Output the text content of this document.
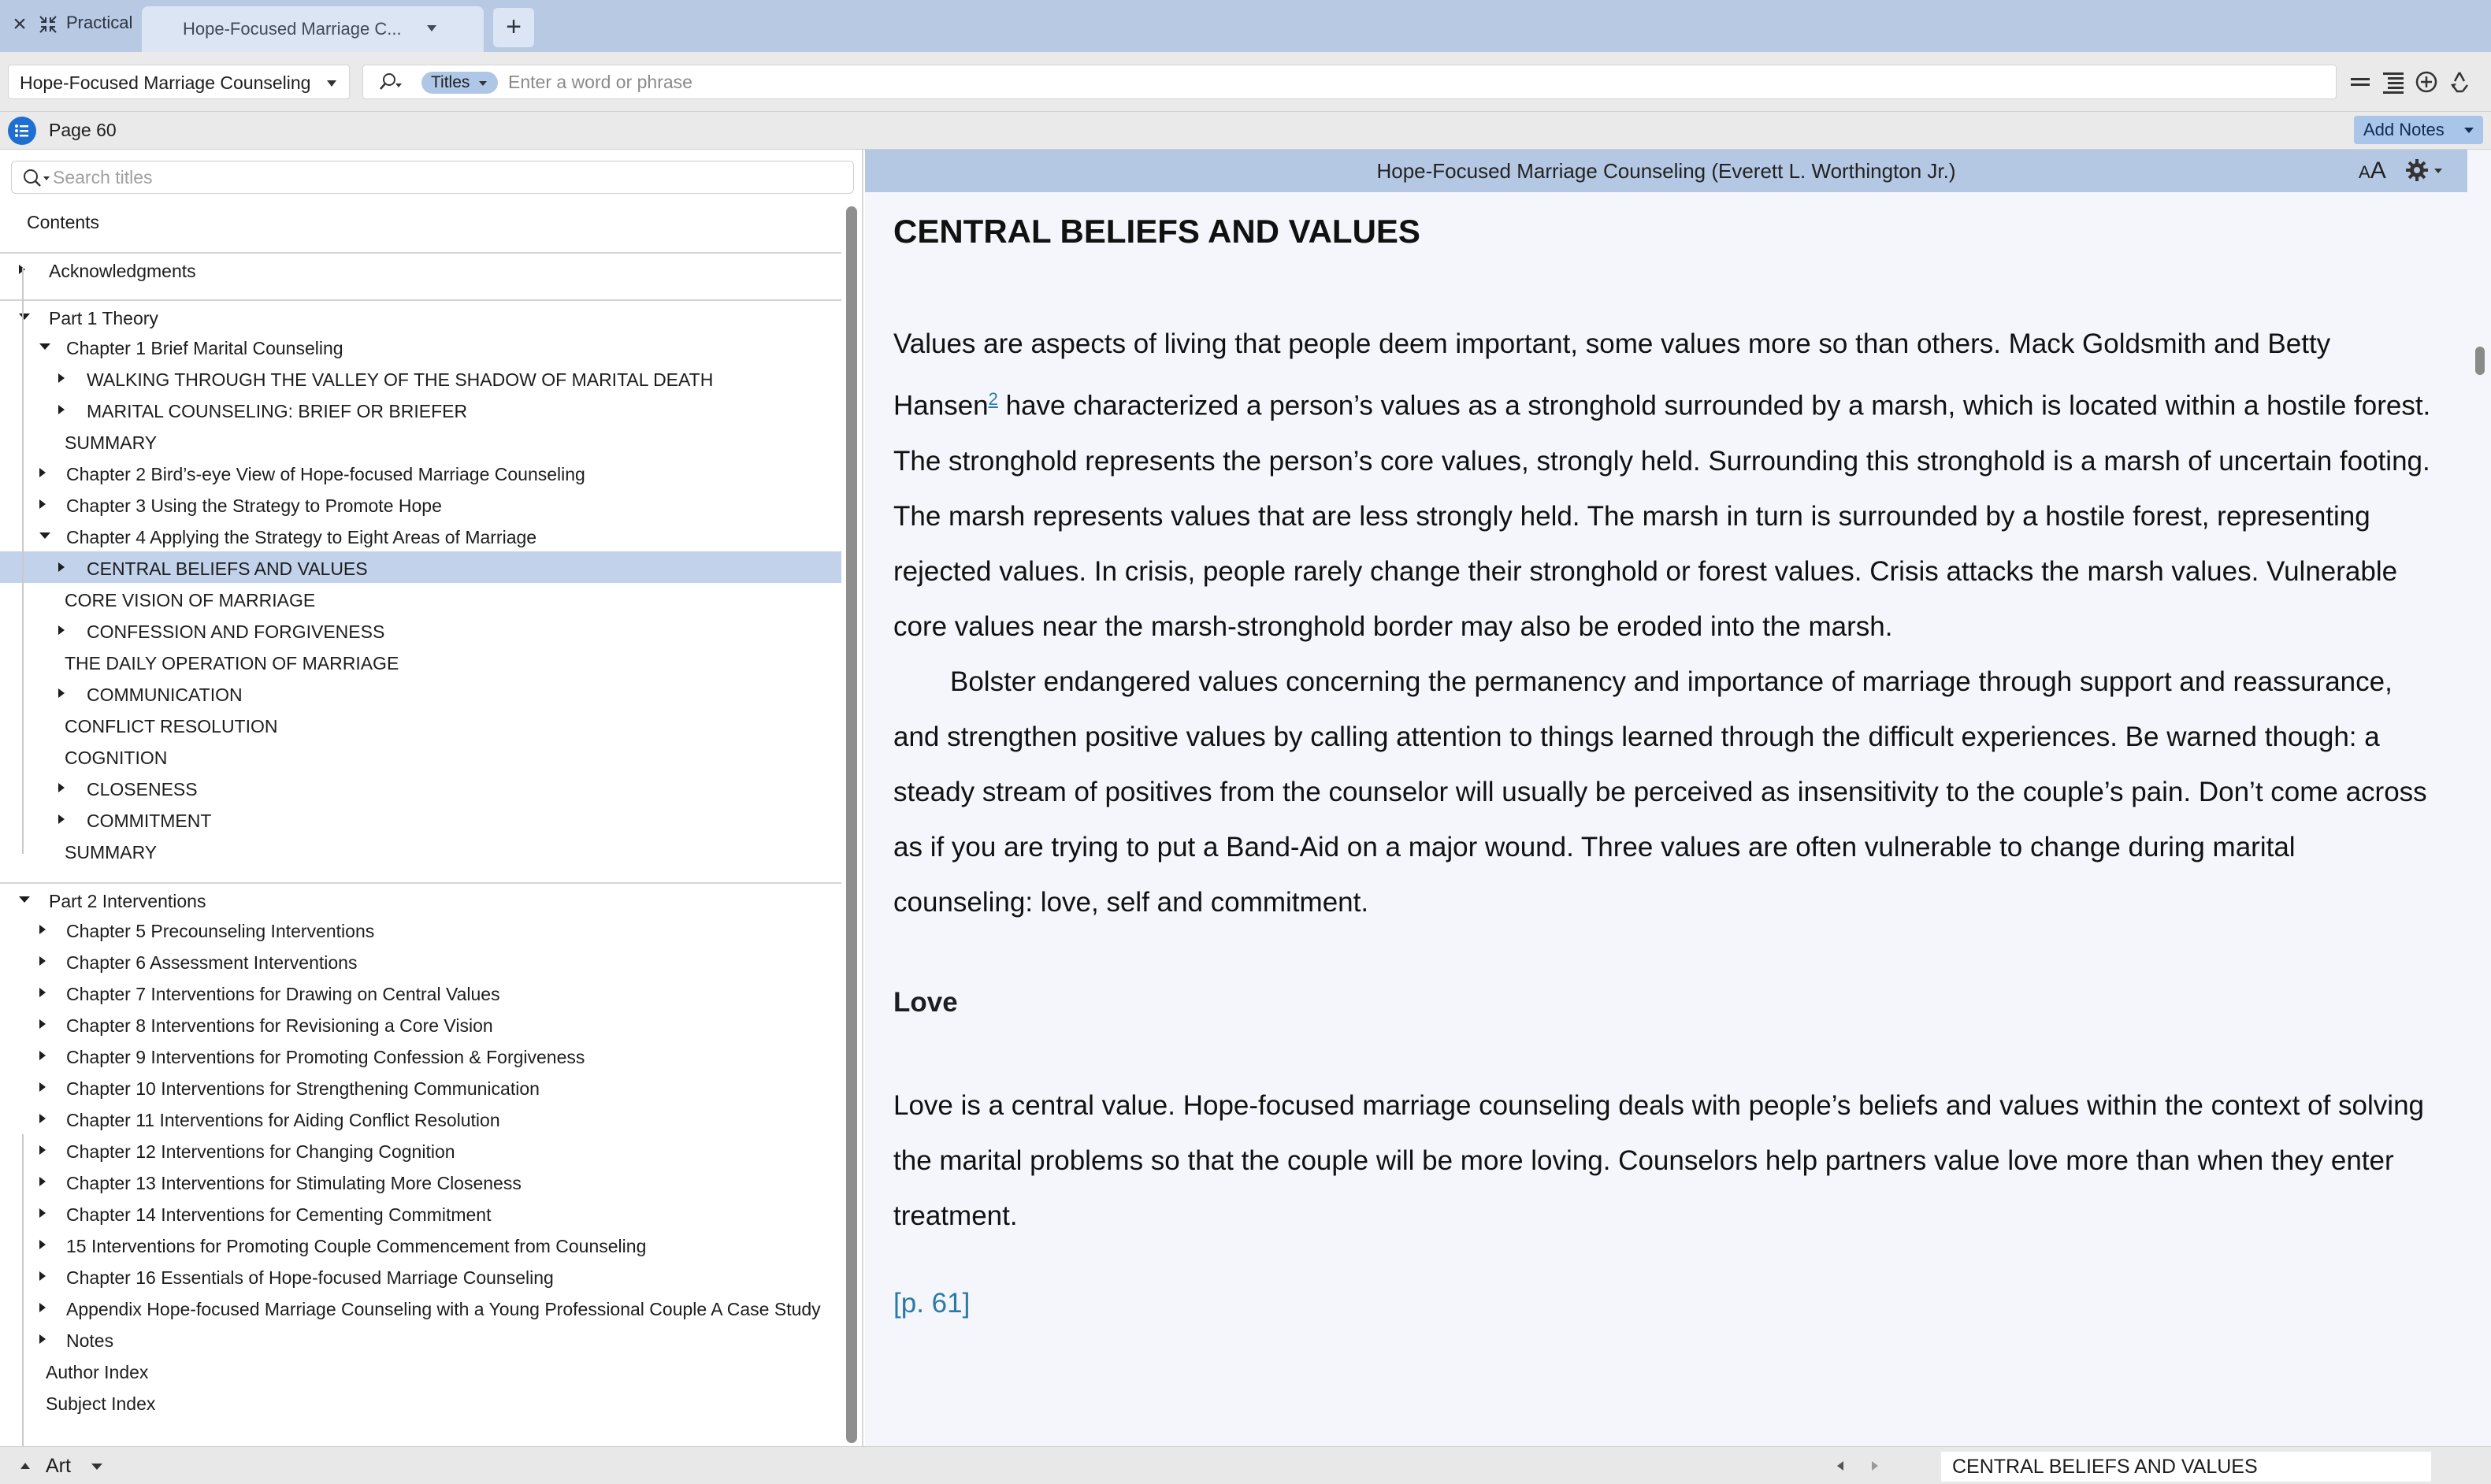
× Practical	Hope-Focused Marriage C...	+
Hope-Focused Marriage Counseling	Titles
Enter a word or phrase
Page 60	Add Notes
Search titles
Contents
Acknowledgments
Part 1 Theory
Chapter 1 Brief Marital Counseling
WALKING THROUGH THE VALLEY OF THE SHADOW OF MARITAL DEATH
MARITAL COUNSELING: BRIEF OR BRIEFER
SUMMARY
Chapter 2 Bird’s-eye View of Hope-focused Marriage Counseling
Chapter 3 Using the Strategy to Promote Hope
Chapter 4 Applying the Strategy to Eight Areas of Marriage
CENTRAL BELIEFS AND VALUES
CORE VISION OF MARRIAGE
CONFESSION AND FORGIVENESS
THE DAILY OPERATION OF MARRIAGE
COMMUNICATION
CONFLICT RESOLUTION
COGNITION
CLOSENESS
COMMITMENT
SUMMARY
Part 2 Interventions
Chapter 5 Precounseling Interventions
Chapter 6 Assessment Interventions
Chapter 7 Interventions for Drawing on Central Values
Chapter 8 Interventions for Revisioning a Core Vision
Chapter 9 Interventions for Promoting Confession & Forgiveness
Chapter 10 Interventions for Strengthening Communication
Chapter 11 Interventions for Aiding Conflict Resolution
Chapter 12 Interventions for Changing Cognition
Chapter 13 Interventions for Stimulating More Closeness
Chapter 14 Interventions for Cementing Commitment
15 Interventions for Promoting Couple Commencement from Counseling
Chapter 16 Essentials of Hope-focused Marriage Counseling
Appendix Hope-focused Marriage Counseling with a Young Professional Couple A Case Study
Notes
Author Index
Subject Index
Hope-Focused Marriage Counseling (Everett L. Worthington Jr.)	AA
CENTRAL BELIEFS AND VALUES

Values are aspects of living that people deem important, some values more so than others. Mack Goldsmith and Betty Hansen$^2$ have characterized a person’s values as a stronghold surrounded by a marsh, which is located within a hostile forest. The stronghold represents the person’s core values, strongly held. Surrounding this stronghold is a marsh of uncertain footing. The marsh represents values that are less strongly held. The marsh in turn is surrounded by a hostile forest, representing rejected values. In crisis, people rarely change their stronghold or forest values. Crisis attacks the marsh values. Vulnerable core values near the marsh-stronghold border may also be eroded into the marsh.

Bolster endangered values concerning the permanency and importance of marriage through support and reassurance, and strengthen positive values by calling attention to things learned through the difficult experiences. Be warned though: a steady stream of positives from the counselor will usually be perceived as insensitivity to the couple’s pain. Don’t come across as if you are trying to put a Band-Aid on a major wound. Three values are often vulnerable to change during marital counseling: love, self and commitment.

Love

Love is a central value. Hope-focused marriage counseling deals with people’s beliefs and values within the context of solving the marital problems so that the couple will be more loving. Counselors help partners value love more than when they enter treatment.

[p. 61]
Art	CENTRAL BELIEFS AND VALUES
